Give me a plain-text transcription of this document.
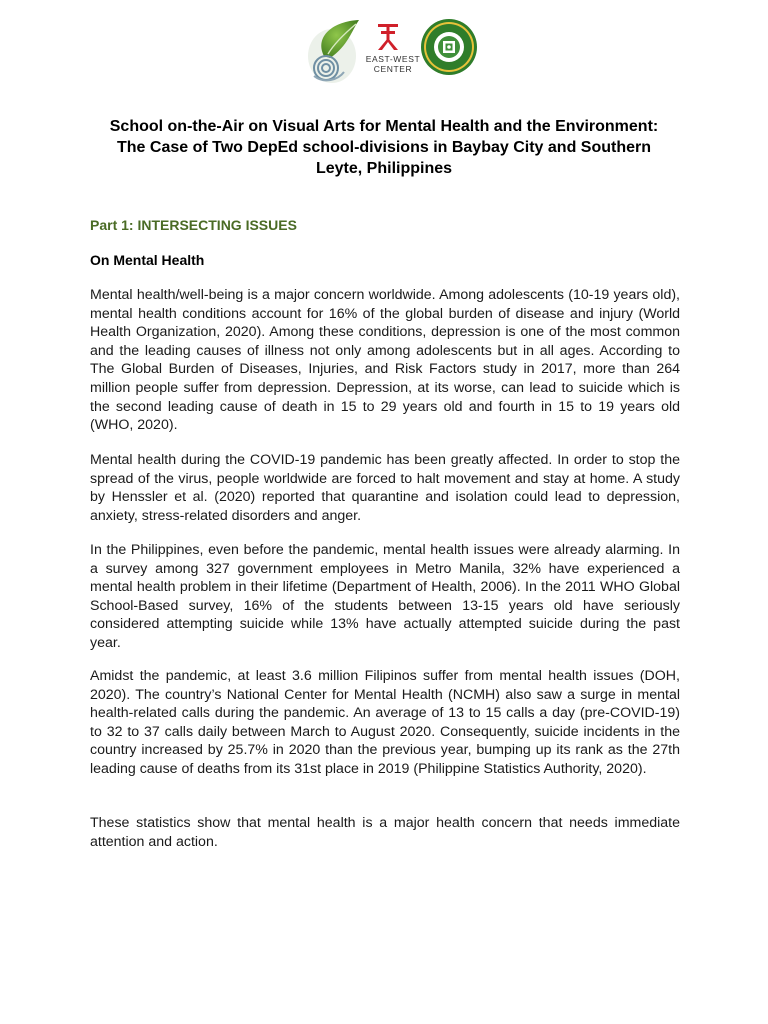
EAST-WEST
CENTER
School on-the-Air on Visual Arts for Mental Health and the Environment:
The Case of Two DepEd school-divisions in Baybay City and Southern
Leyte, Philippines
Part 1: INTERSECTING ISSUES
On Mental Health

Mental health/well-being is a major concern worldwide. Among adolescents (10-19 years old), mental health conditions account for 16% of the global burden of disease and injury (World Health Organization, 2020). Among these conditions, depression is one of the most common and the leading causes of illness not only among adolescents but in all ages. According to The Global Burden of Diseases, Injuries, and Risk Factors study in 2017, more than 264 million people suffer from depression. Depression, at its worse, can lead to suicide which is the second leading cause of death in 15 to 29 years old and fourth in 15 to 19 years old (WHO, 2020).

Mental health during the COVID-19 pandemic has been greatly affected. In order to stop the spread of the virus, people worldwide are forced to halt movement and stay at home. A study by Henssler et al. (2020) reported that quarantine and isolation could lead to depression, anxiety, stress-related disorders and anger.

In the Philippines, even before the pandemic, mental health issues were already alarming. In a survey among 327 government employees in Metro Manila, 32% have experienced a mental health problem in their lifetime (Department of Health, 2006). In the 2011 WHO Global School-Based survey, 16% of the students between 13-15 years old have seriously considered attempting suicide while 13% have actually attempted suicide during the past year.

Amidst the pandemic, at least 3.6 million Filipinos suffer from mental health issues (DOH, 2020). The country’s National Center for Mental Health (NCMH) also saw a surge in mental health-related calls during the pandemic. An average of 13 to 15 calls a day (pre-COVID-19) to 32 to 37 calls daily between March to August 2020. Consequently, suicide incidents in the country increased by 25.7% in 2020 than the previous year, bumping up its rank as the 27th leading cause of deaths from its 31st place in 2019 (Philippine Statistics Authority, 2020).

These statistics show that mental health is a major health concern that needs immediate attention and action.
